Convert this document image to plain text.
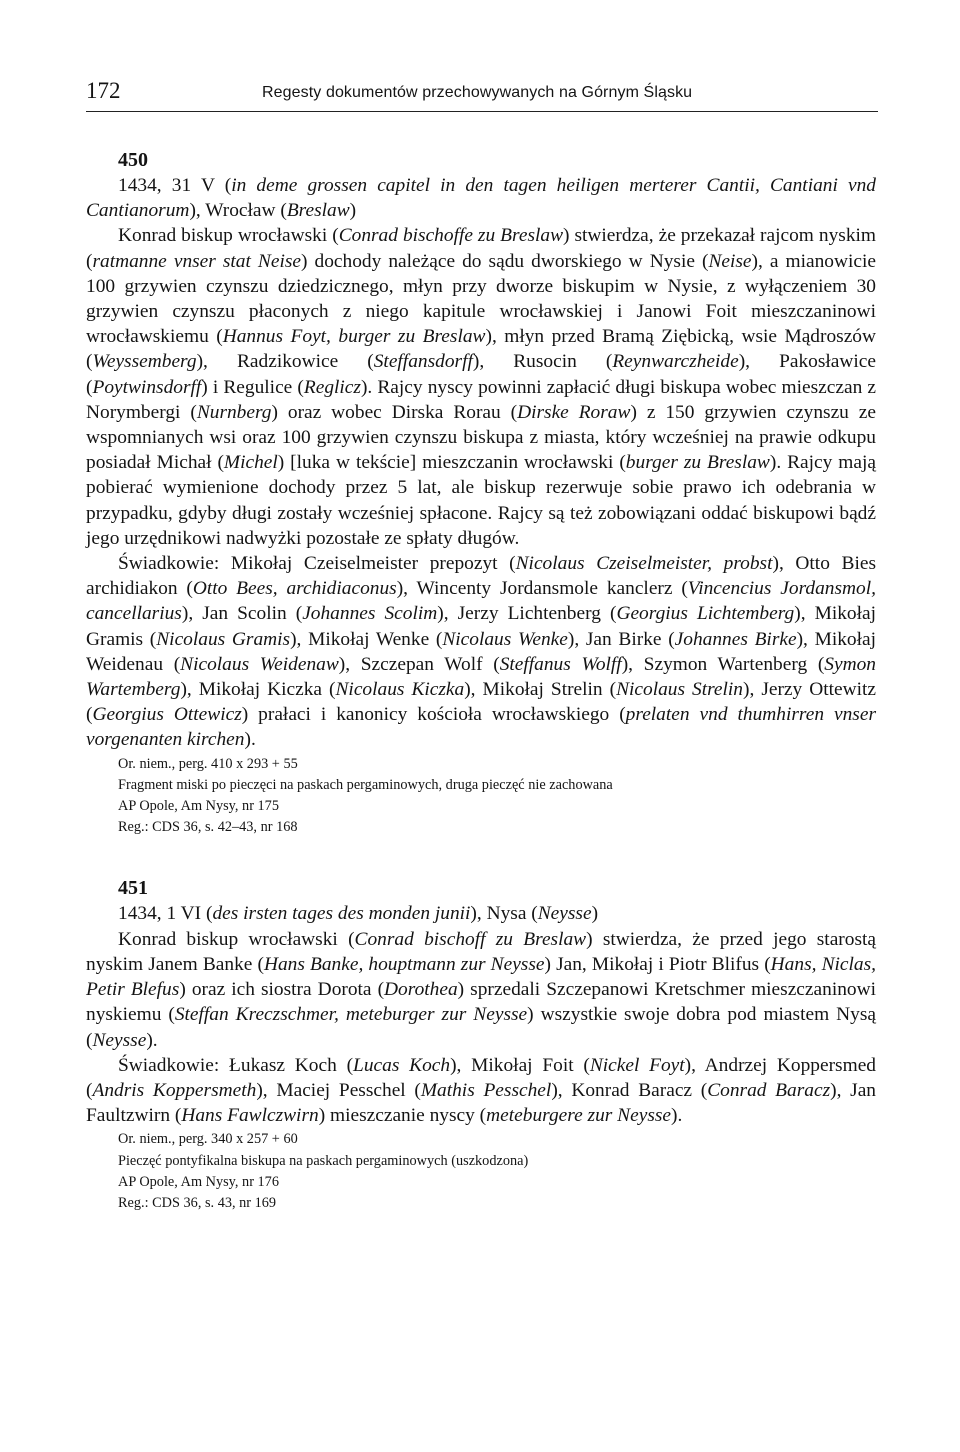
172	Regesty dokumentów przechowywanych na Górnym Śląsku
450

1434, 31 V (in deme grossen capitel in den tagen heiligen merterer Cantii, Cantiani vnd Cantianorum), Wrocław (Breslaw)

Konrad biskup wrocławski (Conrad bischoffe zu Breslaw) stwierdza, że przekazał rajcom nyskim (ratmanne vnser stat Neise) dochody należące do sądu dworskiego w Nysie (Neise), a mianowicie 100 grzywien czynszu dziedzicznego, młyn przy dworze biskupim w Nysie, z wyłączeniem 30 grzywien czynszu płaconych z niego kapitule wrocławskiej i Janowi Foit mieszczaninowi wrocławskiemu (Hannus Foyt, burger zu Breslaw), młyn przed Bramą Ziębicką, wsie Mądroszów (Weyssemberg), Radzikowice (Steffansdorff), Rusocin (Reynwarczheide), Pakosławice (Poytwinsdorff) i Regulice (Reglicz). Rajcy nyscy powinni zapłacić długi biskupa wobec mieszczan z Norymbergi (Nurnberg) oraz wobec Dirska Rorau (Dirske Roraw) z 150 grzywien czynszu ze wspomnianych wsi oraz 100 grzywien czynszu biskupa z miasta, który wcześniej na prawie odkupu posiadał Michał (Michel) [luka w tekście] mieszczanin wrocławski (burger zu Breslaw). Rajcy mają pobierać wymienione dochody przez 5 lat, ale biskup rezerwuje sobie prawo ich odebrania w przypadku, gdyby długi zostały wcześniej spłacone. Rajcy są też zobowiązani oddać biskupowi bądź jego urzędnikowi nadwyżki pozostałe ze spłaty długów.

Świadkowie: Mikołaj Czeiselmeister prepozyt (Nicolaus Czeiselmeister, probst), Otto Bies archidiakon (Otto Bees, archidiaconus), Wincenty Jordansmole kanclerz (Vincencius Jordansmol, cancellarius), Jan Scolin (Johannes Scolim), Jerzy Lichtenberg (Georgius Lichtemberg), Mikołaj Gramis (Nicolaus Gramis), Mikołaj Wenke (Nicolaus Wenke), Jan Birke (Johannes Birke), Mikołaj Weidenau (Nicolaus Weidenaw), Szczepan Wolf (Steffanus Wolff), Szymon Wartenberg (Symon Wartemberg), Mikołaj Kiczka (Nicolaus Kiczka), Mikołaj Strelin (Nicolaus Strelin), Jerzy Ottewitz (Georgius Ottewicz) prałaci i kanonicy kościoła wrocławskiego (prelaten vnd thumhirren vnser vorgenanten kirchen).

Or. niem., perg. 410 x 293 + 55
Fragment miski po pieczęci na paskach pergaminowych, druga pieczęć nie zachowana
AP Opole, Am Nysy, nr 175
Reg.: CDS 36, s. 42–43, nr 168
451

1434, 1 VI (des irsten tages des monden junii), Nysa (Neysse)

Konrad biskup wrocławski (Conrad bischoff zu Breslaw) stwierdza, że przed jego starostą nyskim Janem Banke (Hans Banke, houptmann zur Neysse) Jan, Mikołaj i Piotr Blifus (Hans, Niclas, Petir Blefus) oraz ich siostra Dorota (Dorothea) sprzedali Szczepanowi Kretschmer mieszczaninowi nyskiemu (Steffan Kreczschmer, meteburger zur Neysse) wszystkie swoje dobra pod miastem Nysą (Neysse).

Świadkowie: Łukasz Koch (Lucas Koch), Mikołaj Foit (Nickel Foyt), Andrzej Koppersmed (Andris Koppersmeth), Maciej Pesschel (Mathis Pesschel), Konrad Baracz (Conrad Baracz), Jan Faultzwirn (Hans Fawlczwirn) mieszczanie nyscy (meteburgere zur Neysse).

Or. niem., perg. 340 x 257 + 60
Pieczęć pontyfikalna biskupa na paskach pergaminowych (uszkodzona)
AP Opole, Am Nysy, nr 176
Reg.: CDS 36, s. 43, nr 169
